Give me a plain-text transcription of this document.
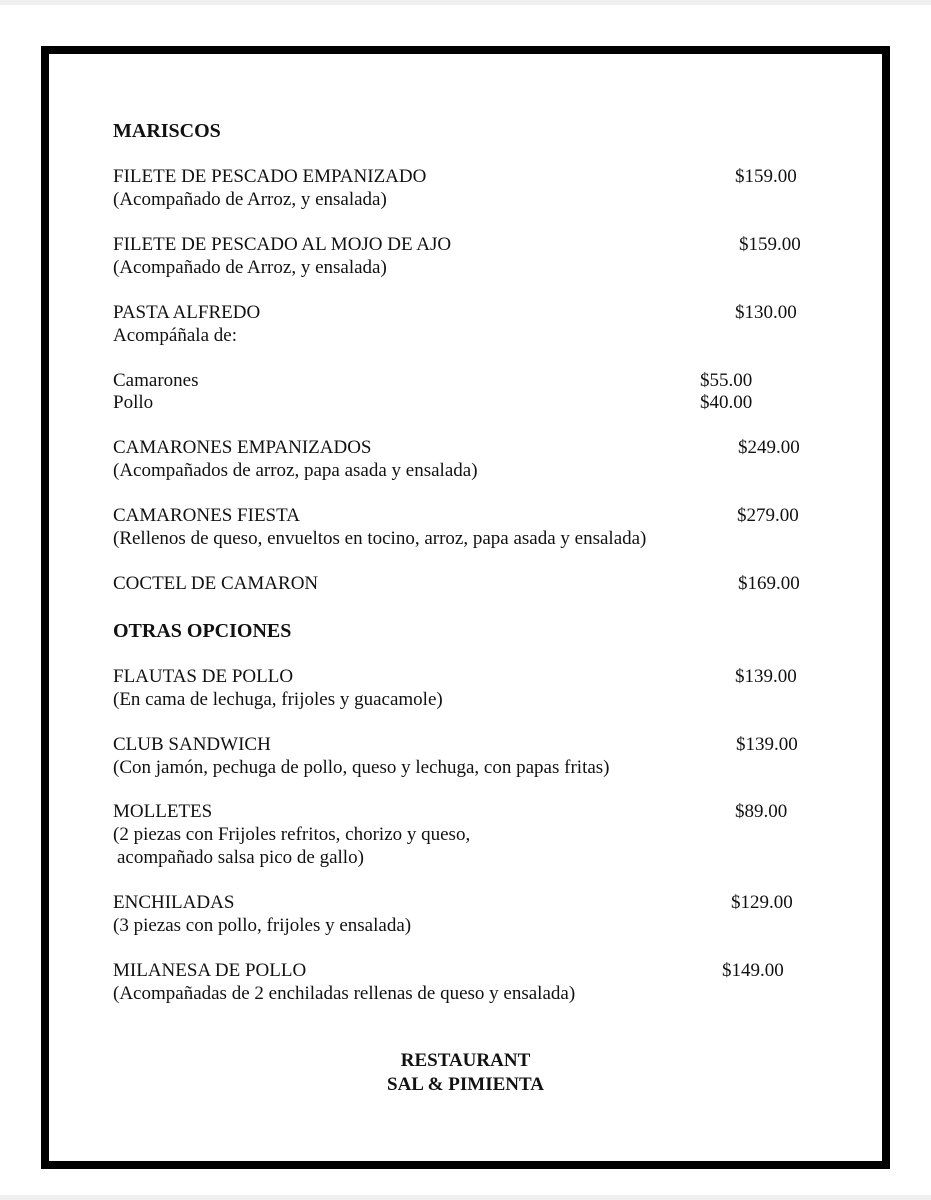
MARISCOS
FILETE DE PESCADO EMPANIZADO	$159.00
(Acompañado de Arroz, y ensalada)
FILETE DE PESCADO AL MOJO DE AJO	$159.00
(Acompañado de Arroz, y ensalada)
PASTA ALFREDO	$130.00
Acompáñala de:
Camarones	$55.00
Pollo	$40.00
CAMARONES EMPANIZADOS	$249.00
(Acompañados de arroz, papa asada y ensalada)
CAMARONES FIESTA	$279.00
(Rellenos de queso, envueltos en tocino, arroz, papa asada y ensalada)
COCTEL DE CAMARON	$169.00
OTRAS OPCIONES
FLAUTAS DE POLLO	$139.00
(En cama de lechuga, frijoles y guacamole)
CLUB SANDWICH	$139.00
(Con jamón, pechuga de pollo, queso y lechuga, con papas fritas)
MOLLETES	$89.00
(2 piezas con Frijoles refritos, chorizo y queso,
acompañado salsa pico de gallo)
ENCHILADAS	$129.00
(3 piezas con pollo, frijoles y ensalada)
MILANESA DE POLLO	$149.00
(Acompañadas de 2 enchiladas rellenas de queso y ensalada)
RESTAURANT
SAL & PIMIENTA
